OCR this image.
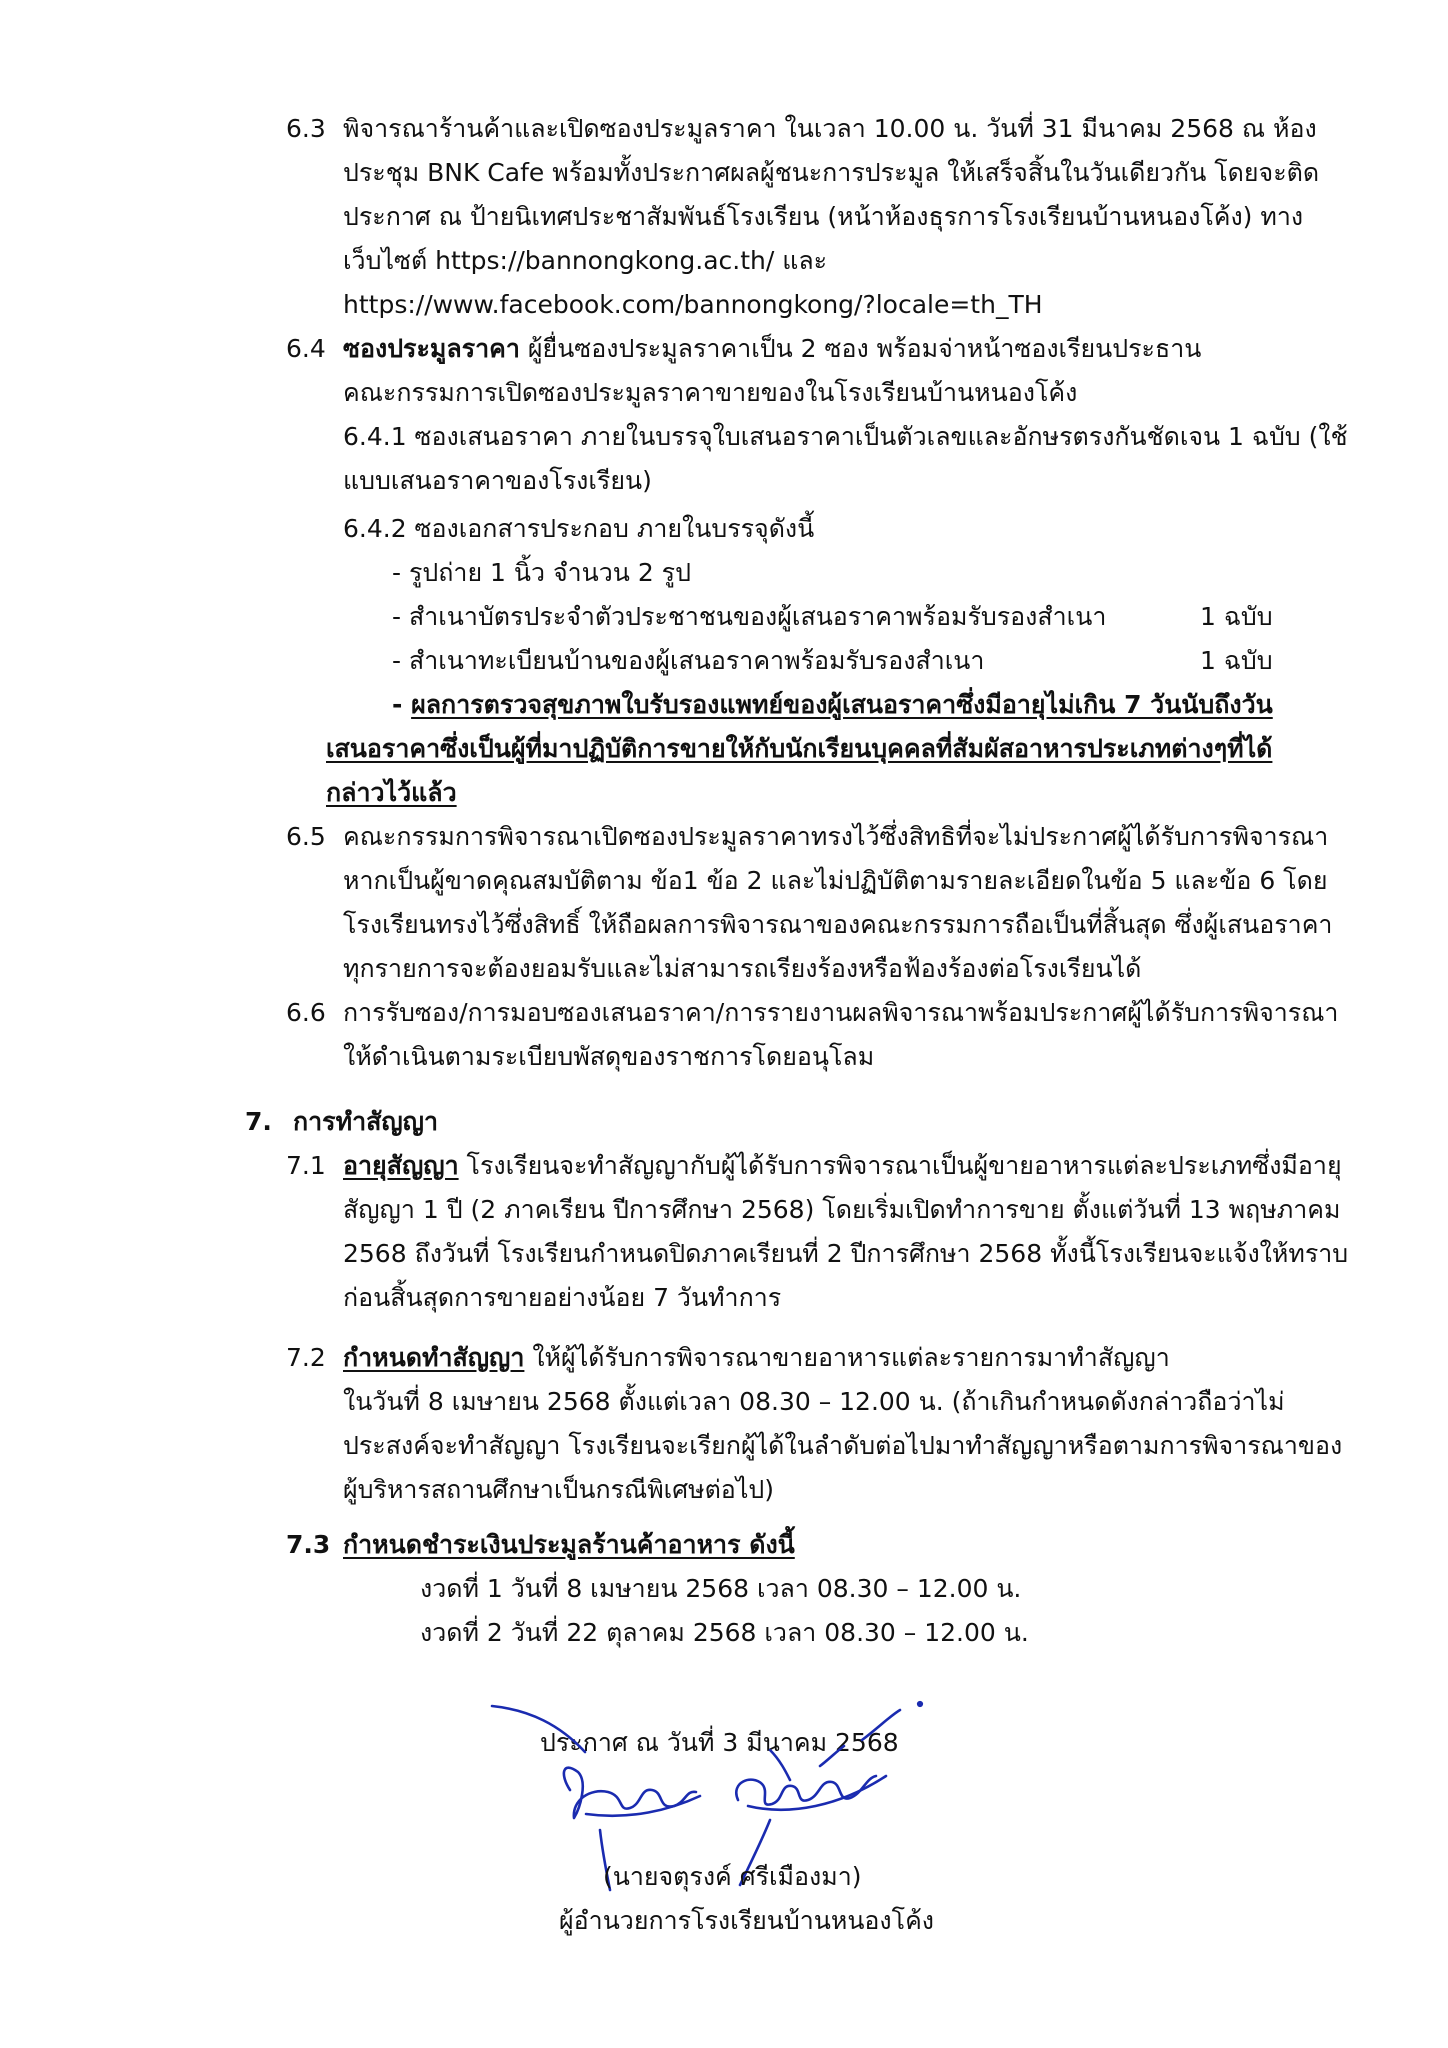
6.3 พิจารณาร้านค้าและเปิดซองประมูลราคา ในเวลา 10.00 น. วันที่ 31 มีนาคม 2568 ณ ห้อง
ประชุม BNK Cafe พร้อมทั้งประกาศผลผู้ชนะการประมูล ให้เสร็จสิ้นในวันเดียวกัน โดยจะติด
ประกาศ ณ ป้ายนิเทศประชาสัมพันธ์โรงเรียน (หน้าห้องธุรการโรงเรียนบ้านหนองโค้ง) ทาง
เว็บไซต์ https://bannongkong.ac.th/ และ
https://www.facebook.com/bannongkong/?locale=th_TH
6.4 ซองประมูลราคา ผู้ยื่นซองประมูลราคาเป็น 2 ซอง พร้อมจ่าหน้าซองเรียนประธาน
คณะกรรมการเปิดซองประมูลราคาขายของในโรงเรียนบ้านหนองโค้ง
6.4.1 ซองเสนอราคา ภายในบรรจุใบเสนอราคาเป็นตัวเลขและอักษรตรงกันชัดเจน 1 ฉบับ (ใช้
แบบเสนอราคาของโรงเรียน)
6.4.2 ซองเอกสารประกอบ ภายในบรรจุดังนี้
- รูปถ่าย 1 นิ้ว จำนวน 2 รูป
- สำเนาบัตรประจำตัวประชาชนของผู้เสนอราคาพร้อมรับรองสำเนา	1 ฉบับ
- สำเนาทะเบียนบ้านของผู้เสนอราคาพร้อมรับรองสำเนา	1 ฉบับ
- ผลการตรวจสุขภาพใบรับรองแพทย์ของผู้เสนอราคาซึ่งมีอายุไม่เกิน 7 วันนับถึงวัน
เสนอราคาซึ่งเป็นผู้ที่มาปฏิบัติการขายให้กับนักเรียนบุคคลที่สัมผัสอาหารประเภทต่างๆที่ได้
กล่าวไว้แล้ว
6.5 คณะกรรมการพิจารณาเปิดซองประมูลราคาทรงไว้ซึ่งสิทธิที่จะไม่ประกาศผู้ได้รับการพิจารณา
หากเป็นผู้ขาดคุณสมบัติตาม ข้อ1 ข้อ 2 และไม่ปฏิบัติตามรายละเอียดในข้อ 5 และข้อ 6 โดย
โรงเรียนทรงไว้ซึ่งสิทธิ์ ให้ถือผลการพิจารณาของคณะกรรมการถือเป็นที่สิ้นสุด ซึ่งผู้เสนอราคา
ทุกรายการจะต้องยอมรับและไม่สามารถเรียงร้องหรือฟ้องร้องต่อโรงเรียนได้
6.6 การรับซอง/การมอบซองเสนอราคา/การรายงานผลพิจารณาพร้อมประกาศผู้ได้รับการพิจารณา
ให้ดำเนินตามระเบียบพัสดุของราชการโดยอนุโลม
7. การทำสัญญา
7.1 อายุสัญญา โรงเรียนจะทำสัญญากับผู้ได้รับการพิจารณาเป็นผู้ขายอาหารแต่ละประเภทซึ่งมีอายุ
สัญญา 1 ปี (2 ภาคเรียน ปีการศึกษา 2568) โดยเริ่มเปิดทำการขาย ตั้งแต่วันที่ 13 พฤษภาคม
2568 ถึงวันที่ โรงเรียนกำหนดปิดภาคเรียนที่ 2 ปีการศึกษา 2568 ทั้งนี้โรงเรียนจะแจ้งให้ทราบ
ก่อนสิ้นสุดการขายอย่างน้อย 7 วันทำการ
7.2 กำหนดทำสัญญา ให้ผู้ได้รับการพิจารณาขายอาหารแต่ละรายการมาทำสัญญา
ในวันที่ 8 เมษายน 2568 ตั้งแต่เวลา 08.30 – 12.00 น. (ถ้าเกินกำหนดดังกล่าวถือว่าไม่
ประสงค์จะทำสัญญา โรงเรียนจะเรียกผู้ได้ในลำดับต่อไปมาทำสัญญาหรือตามการพิจารณาของ
ผู้บริหารสถานศึกษาเป็นกรณีพิเศษต่อไป)
7.3 กำหนดชำระเงินประมูลร้านค้าอาหาร ดังนี้
งวดที่ 1 วันที่ 8 เมษายน 2568 เวลา 08.30 – 12.00 น.
งวดที่ 2 วันที่ 22 ตุลาคม 2568 เวลา 08.30 – 12.00 น.
ประกาศ ณ วันที่ 3 มีนาคม 2568
(นายจตุรงค์ ศรีเมืองมา)
ผู้อำนวยการโรงเรียนบ้านหนองโค้ง
